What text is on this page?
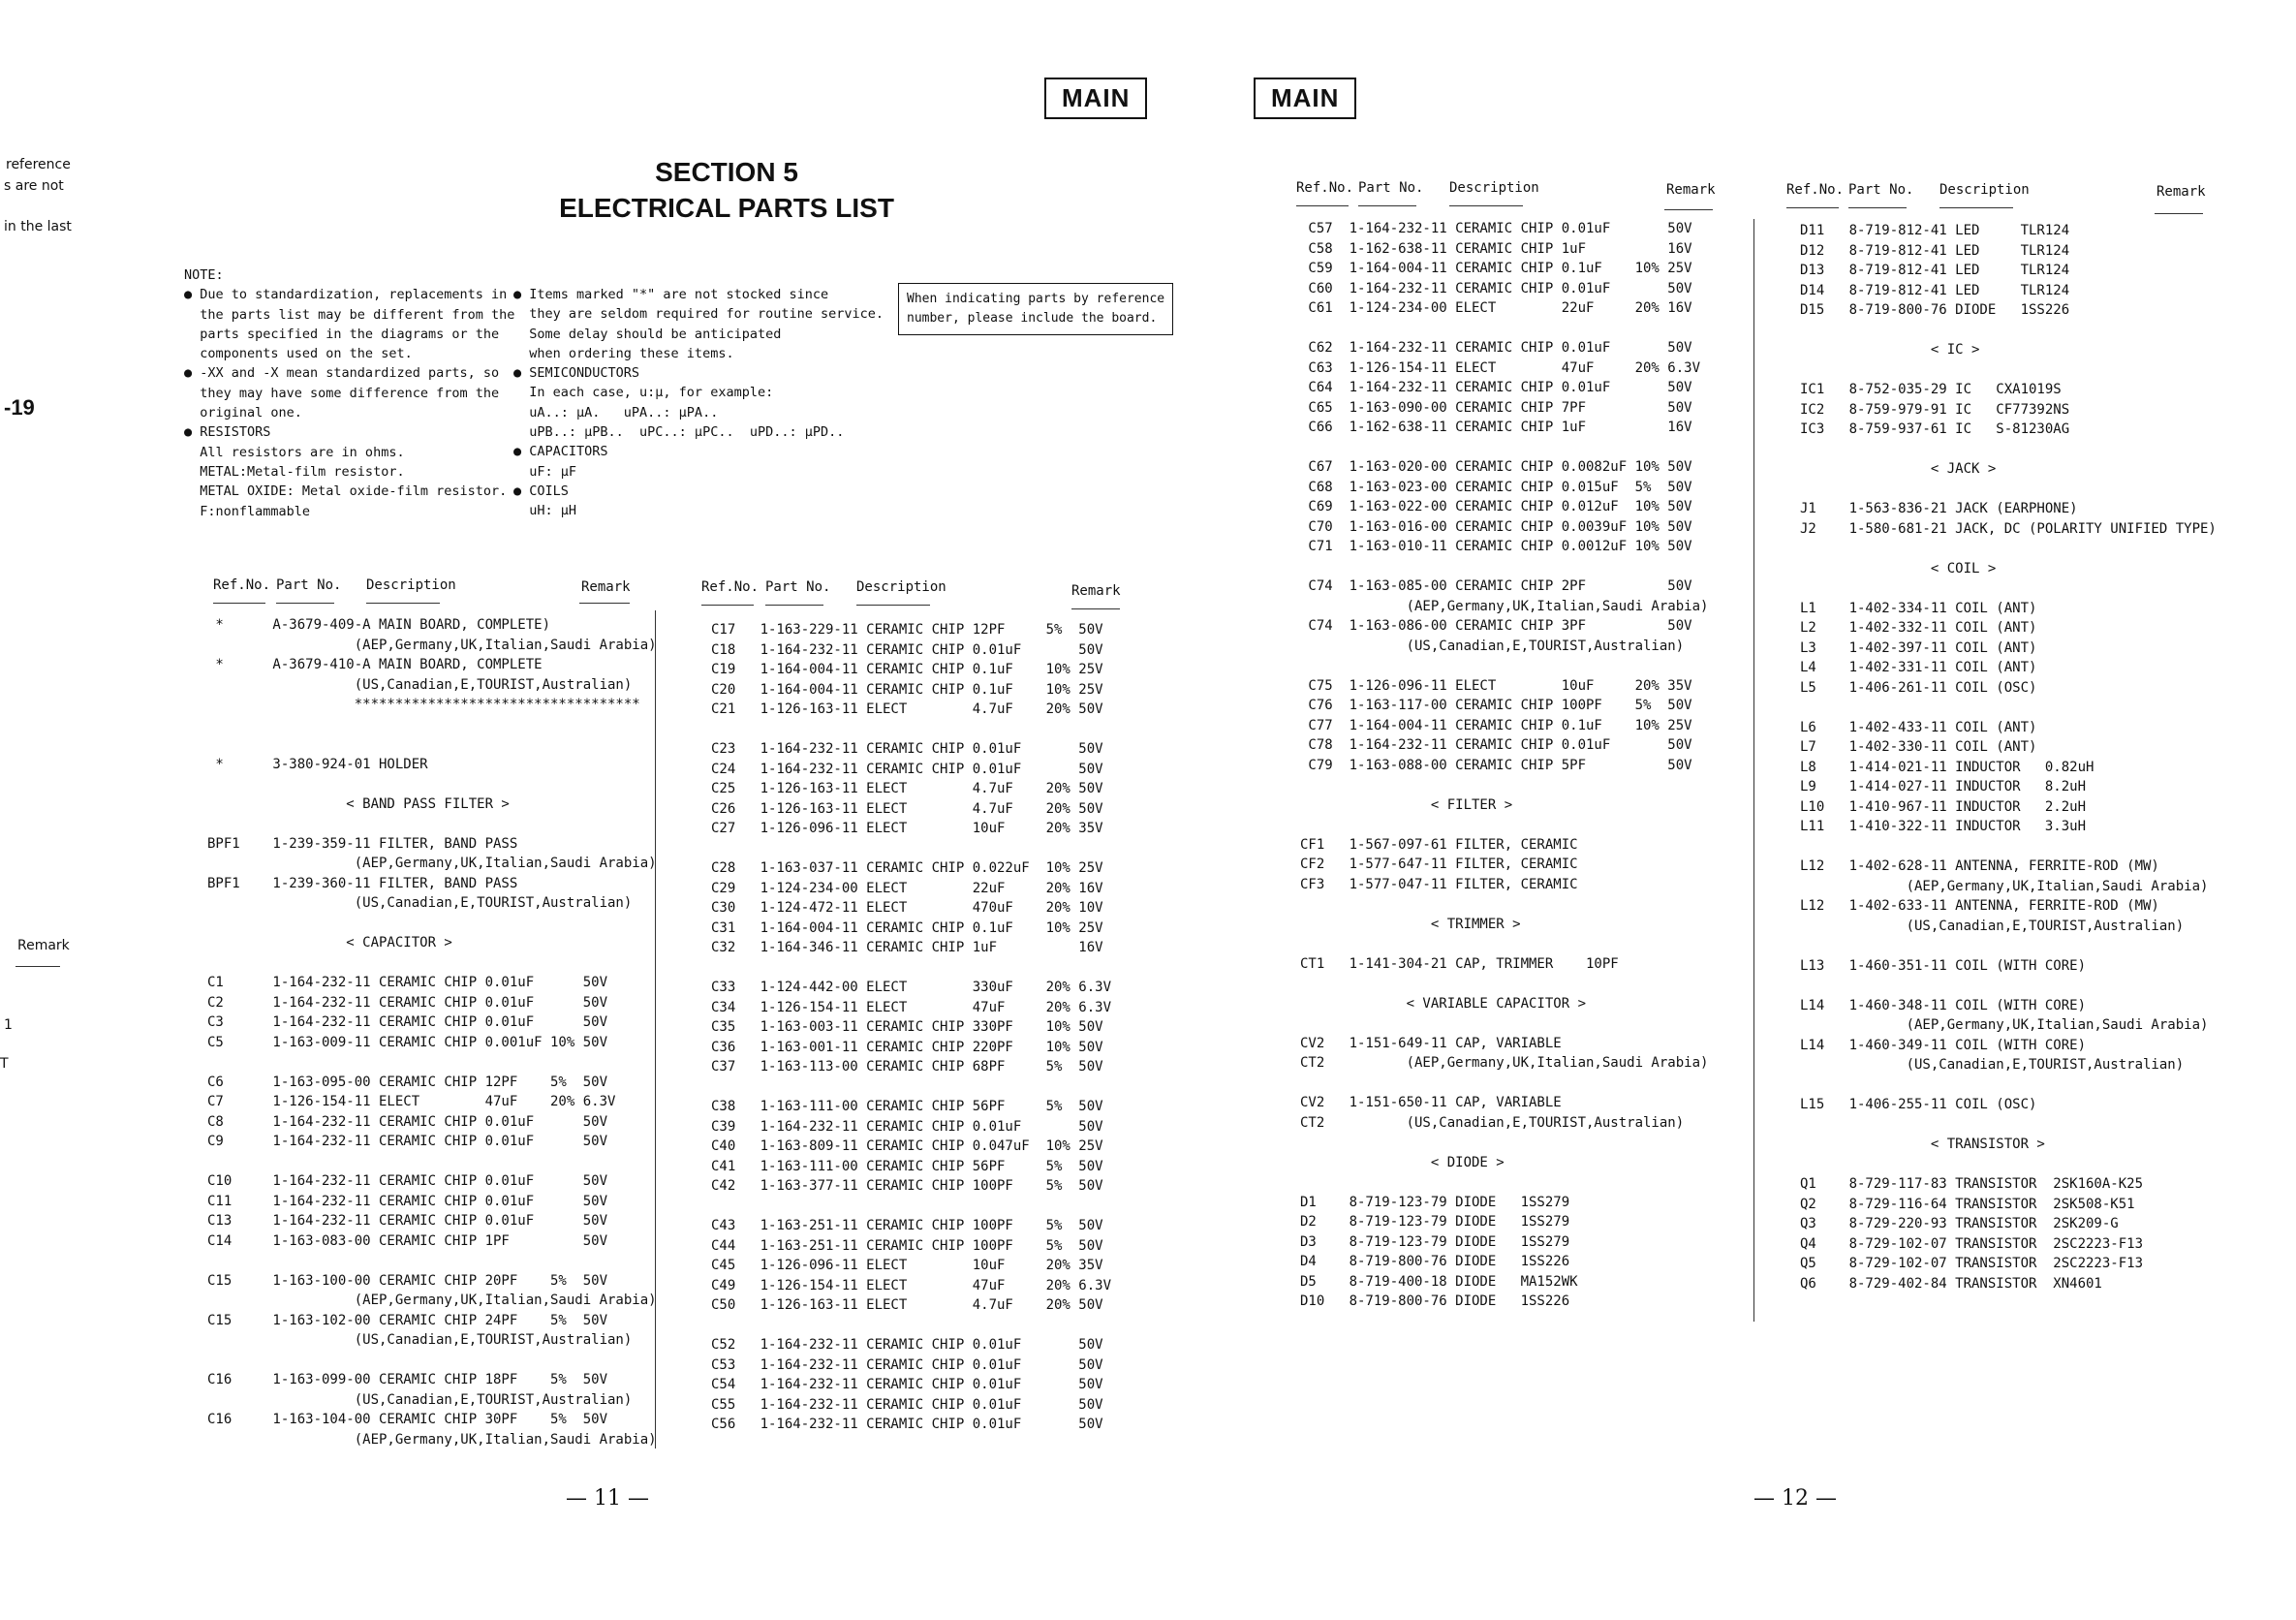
reference
s are not
in the last
-19
Remark
1
T
MAIN	MAIN
SECTION 5
ELECTRICAL PARTS LIST
NOTE:
● Due to standardization, replacements in
the parts list may be different from the
parts specified in the diagrams or the
components used on the set.
● -XX and -X mean standardized parts, so
they may have some difference from the
original one.
● RESISTORS
All resistors are in ohms.
METAL:Metal-film resistor.
METAL OXIDE: Metal oxide-film resistor.
F:nonflammable
● Items marked "*" are not stocked since
they are seldom required for routine service.
Some delay should be anticipated
when ordering these items.
● SEMICONDUCTORS
In each case, u:μ, for example:
uA..: μA.   uPA..: μPA..
uPB..: μPB..  uPC..: μPC..  uPD..: μPD..
● CAPACITORS
uF: μF
● COILS
uH: μH
When indicating parts by reference
number, please include the board.
Ref.No. Part No. Description	Remark
*      A-3679-409-A MAIN BOARD, COMPLETE)
(AEP,Germany,UK,Italian,Saudi Arabia)
*      A-3679-410-A MAIN BOARD, COMPLETE
(US,Canadian,E,TOURIST,Australian)
***********************************

*      3-380-924-01 HOLDER

< BAND PASS FILTER >

BPF1    1-239-359-11 FILTER, BAND PASS
(AEP,Germany,UK,Italian,Saudi Arabia)
BPF1    1-239-360-11 FILTER, BAND PASS
(US,Canadian,E,TOURIST,Australian)

< CAPACITOR >

C1      1-164-232-11 CERAMIC CHIP 0.01uF      50V
C2      1-164-232-11 CERAMIC CHIP 0.01uF      50V
C3      1-164-232-11 CERAMIC CHIP 0.01uF      50V
C5      1-163-009-11 CERAMIC CHIP 0.001uF 10% 50V

C6      1-163-095-00 CERAMIC CHIP 12PF    5%  50V
C7      1-126-154-11 ELECT        47uF    20% 6.3V
C8      1-164-232-11 CERAMIC CHIP 0.01uF      50V
C9      1-164-232-11 CERAMIC CHIP 0.01uF      50V

C10     1-164-232-11 CERAMIC CHIP 0.01uF      50V
C11     1-164-232-11 CERAMIC CHIP 0.01uF      50V
C13     1-164-232-11 CERAMIC CHIP 0.01uF      50V
C14     1-163-083-00 CERAMIC CHIP 1PF         50V

C15     1-163-100-00 CERAMIC CHIP 20PF    5%  50V
(AEP,Germany,UK,Italian,Saudi Arabia)
C15     1-163-102-00 CERAMIC CHIP 24PF    5%  50V
(US,Canadian,E,TOURIST,Australian)

C16     1-163-099-00 CERAMIC CHIP 18PF    5%  50V
(US,Canadian,E,TOURIST,Australian)
C16     1-163-104-00 CERAMIC CHIP 30PF    5%  50V
(AEP,Germany,UK,Italian,Saudi Arabia)
Ref.No. Part No. Description	Remark
C17   1-163-229-11 CERAMIC CHIP 12PF     5%  50V
C18   1-164-232-11 CERAMIC CHIP 0.01uF       50V
C19   1-164-004-11 CERAMIC CHIP 0.1uF    10% 25V
C20   1-164-004-11 CERAMIC CHIP 0.1uF    10% 25V
C21   1-126-163-11 ELECT        4.7uF    20% 50V

C23   1-164-232-11 CERAMIC CHIP 0.01uF       50V
C24   1-164-232-11 CERAMIC CHIP 0.01uF       50V
C25   1-126-163-11 ELECT        4.7uF    20% 50V
C26   1-126-163-11 ELECT        4.7uF    20% 50V
C27   1-126-096-11 ELECT        10uF     20% 35V

C28   1-163-037-11 CERAMIC CHIP 0.022uF  10% 25V
C29   1-124-234-00 ELECT        22uF     20% 16V
C30   1-124-472-11 ELECT        470uF    20% 10V
C31   1-164-004-11 CERAMIC CHIP 0.1uF    10% 25V
C32   1-164-346-11 CERAMIC CHIP 1uF          16V

C33   1-124-442-00 ELECT        330uF    20% 6.3V
C34   1-126-154-11 ELECT        47uF     20% 6.3V
C35   1-163-003-11 CERAMIC CHIP 330PF    10% 50V
C36   1-163-001-11 CERAMIC CHIP 220PF    10% 50V
C37   1-163-113-00 CERAMIC CHIP 68PF     5%  50V

C38   1-163-111-00 CERAMIC CHIP 56PF     5%  50V
C39   1-164-232-11 CERAMIC CHIP 0.01uF       50V
C40   1-163-809-11 CERAMIC CHIP 0.047uF  10% 25V
C41   1-163-111-00 CERAMIC CHIP 56PF     5%  50V
C42   1-163-377-11 CERAMIC CHIP 100PF    5%  50V

C43   1-163-251-11 CERAMIC CHIP 100PF    5%  50V
C44   1-163-251-11 CERAMIC CHIP 100PF    5%  50V
C45   1-126-096-11 ELECT        10uF     20% 35V
C49   1-126-154-11 ELECT        47uF     20% 6.3V
C50   1-126-163-11 ELECT        4.7uF    20% 50V

C52   1-164-232-11 CERAMIC CHIP 0.01uF       50V
C53   1-164-232-11 CERAMIC CHIP 0.01uF       50V
C54   1-164-232-11 CERAMIC CHIP 0.01uF       50V
C55   1-164-232-11 CERAMIC CHIP 0.01uF       50V
C56   1-164-232-11 CERAMIC CHIP 0.01uF       50V
— 11 —
Ref.No. Part No. Description	Remark
C57  1-164-232-11 CERAMIC CHIP 0.01uF       50V
C58  1-162-638-11 CERAMIC CHIP 1uF          16V
C59  1-164-004-11 CERAMIC CHIP 0.1uF    10% 25V
C60  1-164-232-11 CERAMIC CHIP 0.01uF       50V
C61  1-124-234-00 ELECT        22uF     20% 16V

C62  1-164-232-11 CERAMIC CHIP 0.01uF       50V
C63  1-126-154-11 ELECT        47uF     20% 6.3V
C64  1-164-232-11 CERAMIC CHIP 0.01uF       50V
C65  1-163-090-00 CERAMIC CHIP 7PF          50V
C66  1-162-638-11 CERAMIC CHIP 1uF          16V

C67  1-163-020-00 CERAMIC CHIP 0.0082uF 10% 50V
C68  1-163-023-00 CERAMIC CHIP 0.015uF  5%  50V
C69  1-163-022-00 CERAMIC CHIP 0.012uF  10% 50V
C70  1-163-016-00 CERAMIC CHIP 0.0039uF 10% 50V
C71  1-163-010-11 CERAMIC CHIP 0.0012uF 10% 50V

C74  1-163-085-00 CERAMIC CHIP 2PF          50V
(AEP,Germany,UK,Italian,Saudi Arabia)
C74  1-163-086-00 CERAMIC CHIP 3PF          50V
(US,Canadian,E,TOURIST,Australian)

C75  1-126-096-11 ELECT        10uF     20% 35V
C76  1-163-117-00 CERAMIC CHIP 100PF    5%  50V
C77  1-164-004-11 CERAMIC CHIP 0.1uF    10% 25V
C78  1-164-232-11 CERAMIC CHIP 0.01uF       50V
C79  1-163-088-00 CERAMIC CHIP 5PF          50V

< FILTER >

CF1   1-567-097-61 FILTER, CERAMIC
CF2   1-577-647-11 FILTER, CERAMIC
CF3   1-577-047-11 FILTER, CERAMIC

< TRIMMER >

CT1   1-141-304-21 CAP, TRIMMER    10PF

< VARIABLE CAPACITOR >

CV2   1-151-649-11 CAP, VARIABLE
CT2          (AEP,Germany,UK,Italian,Saudi Arabia)

CV2   1-151-650-11 CAP, VARIABLE
CT2          (US,Canadian,E,TOURIST,Australian)

< DIODE >

D1    8-719-123-79 DIODE   1SS279
D2    8-719-123-79 DIODE   1SS279
D3    8-719-123-79 DIODE   1SS279
D4    8-719-800-76 DIODE   1SS226
D5    8-719-400-18 DIODE   MA152WK
D10   8-719-800-76 DIODE   1SS226
Ref.No. Part No. Description	Remark
D11   8-719-812-41 LED     TLR124
D12   8-719-812-41 LED     TLR124
D13   8-719-812-41 LED     TLR124
D14   8-719-812-41 LED     TLR124
D15   8-719-800-76 DIODE   1SS226

< IC >

IC1   8-752-035-29 IC   CXA1019S
IC2   8-759-979-91 IC   CF77392NS
IC3   8-759-937-61 IC   S-81230AG

< JACK >

J1    1-563-836-21 JACK (EARPHONE)
J2    1-580-681-21 JACK, DC (POLARITY UNIFIED TYPE)

< COIL >

L1    1-402-334-11 COIL (ANT)
L2    1-402-332-11 COIL (ANT)
L3    1-402-397-11 COIL (ANT)
L4    1-402-331-11 COIL (ANT)
L5    1-406-261-11 COIL (OSC)

L6    1-402-433-11 COIL (ANT)
L7    1-402-330-11 COIL (ANT)
L8    1-414-021-11 INDUCTOR   0.82uH
L9    1-414-027-11 INDUCTOR   8.2uH
L10   1-410-967-11 INDUCTOR   2.2uH
L11   1-410-322-11 INDUCTOR   3.3uH

L12   1-402-628-11 ANTENNA, FERRITE-ROD (MW)
(AEP,Germany,UK,Italian,Saudi Arabia)
L12   1-402-633-11 ANTENNA, FERRITE-ROD (MW)
(US,Canadian,E,TOURIST,Australian)

L13   1-460-351-11 COIL (WITH CORE)

L14   1-460-348-11 COIL (WITH CORE)
(AEP,Germany,UK,Italian,Saudi Arabia)
L14   1-460-349-11 COIL (WITH CORE)
(US,Canadian,E,TOURIST,Australian)

L15   1-406-255-11 COIL (OSC)

< TRANSISTOR >

Q1    8-729-117-83 TRANSISTOR  2SK160A-K25
Q2    8-729-116-64 TRANSISTOR  2SK508-K51
Q3    8-729-220-93 TRANSISTOR  2SK209-G
Q4    8-729-102-07 TRANSISTOR  2SC2223-F13
Q5    8-729-102-07 TRANSISTOR  2SC2223-F13
Q6    8-729-402-84 TRANSISTOR  XN4601
— 12 —
